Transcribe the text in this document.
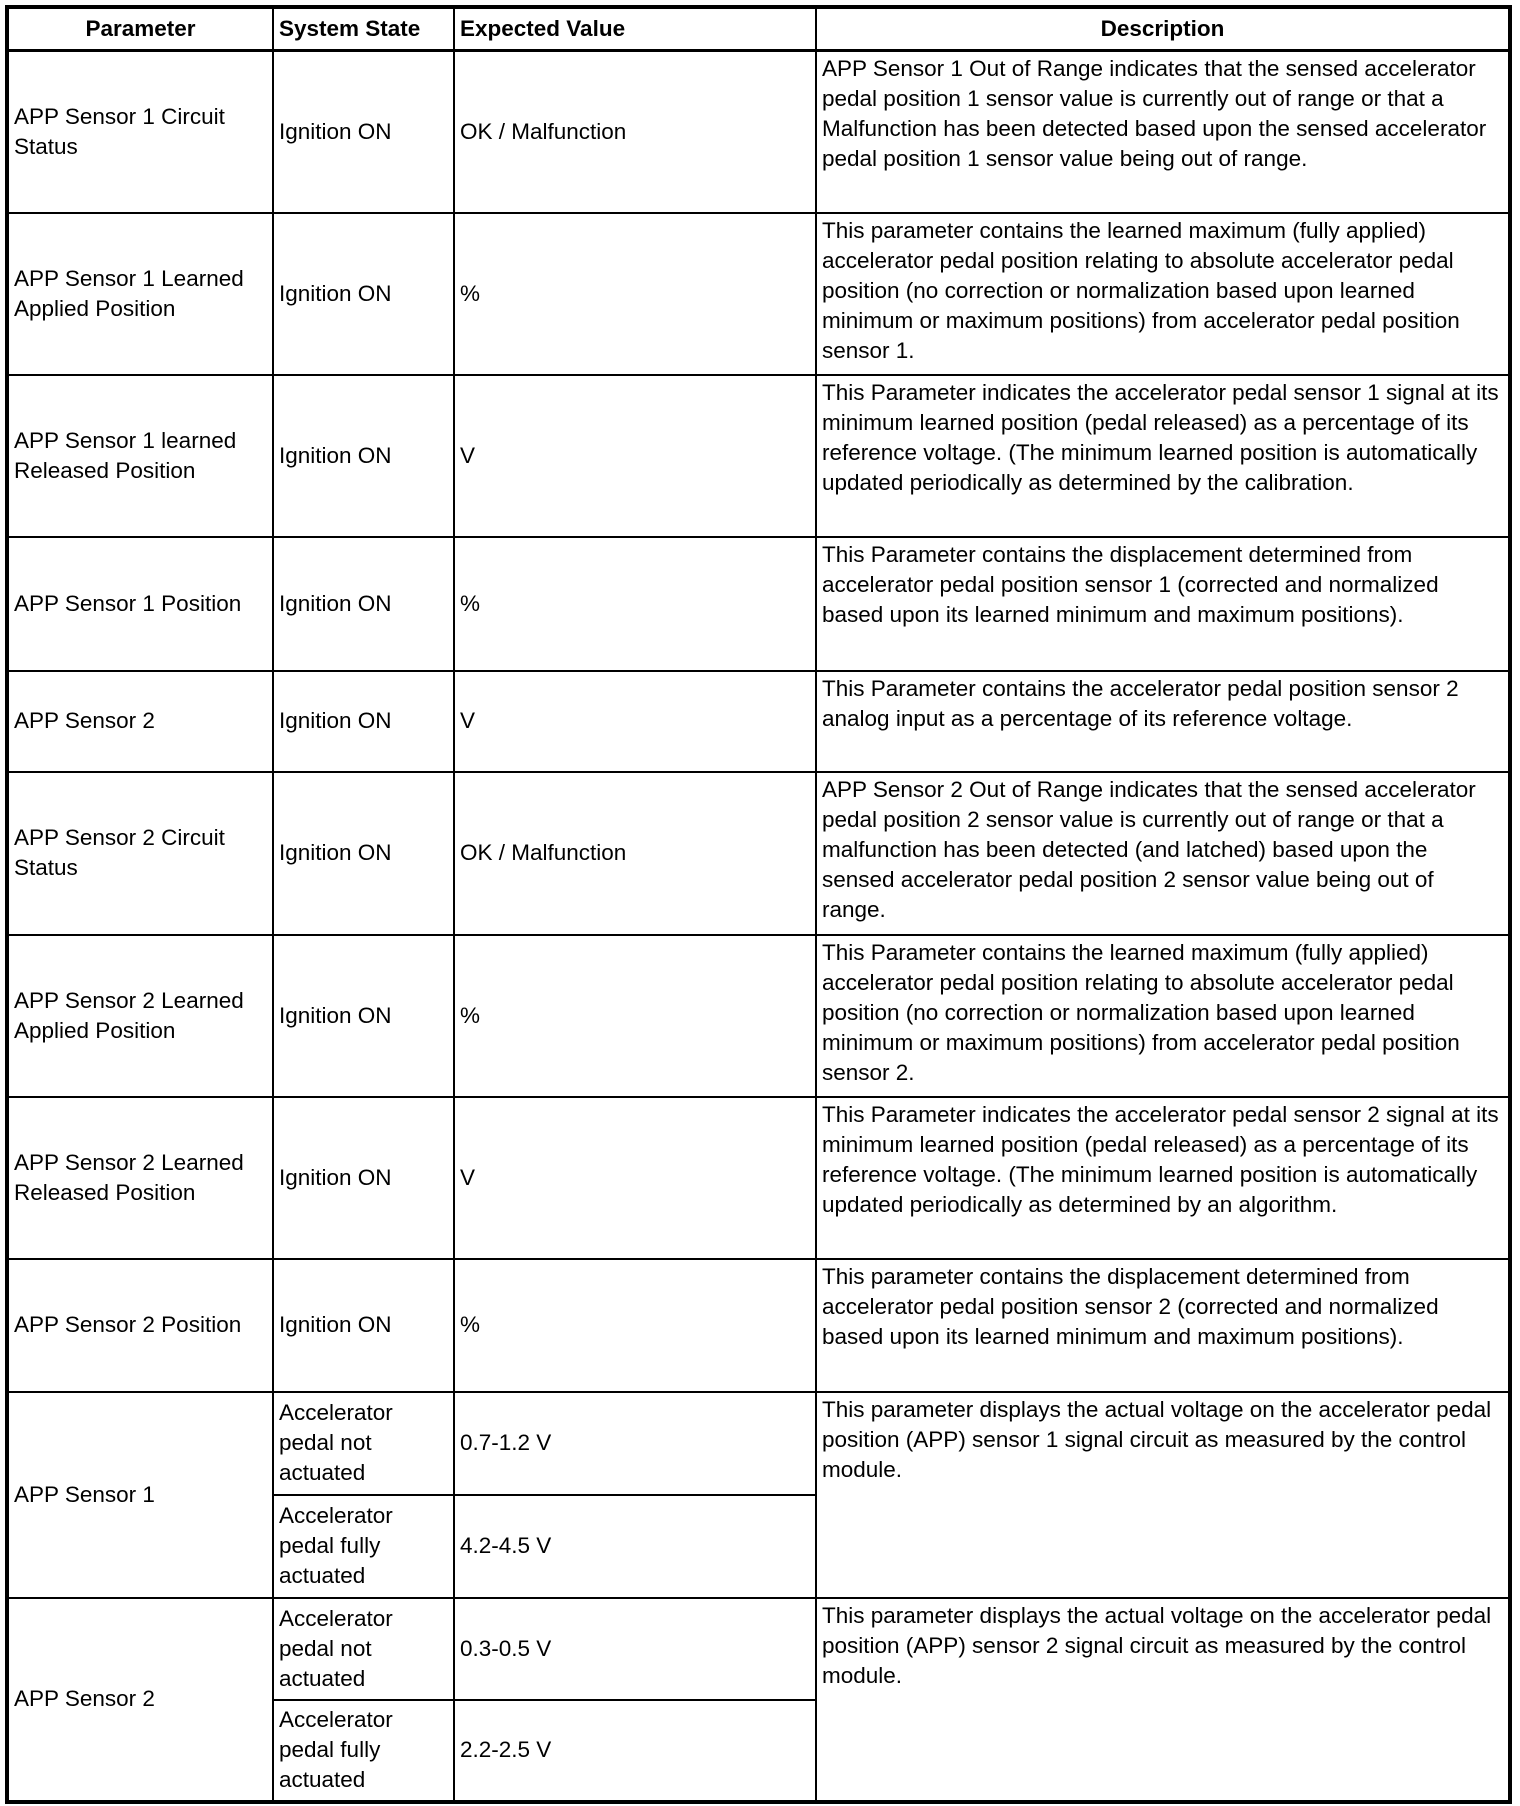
Parameter	System State	Expected Value	Description
APP Sensor 1 Circuit Status	Ignition ON	OK / Malfunction	APP Sensor 1 Out of Range indicates that the sensed accelerator pedal position 1 sensor value is currently out of range or that a Malfunction has been detected based upon the sensed accelerator pedal position 1 sensor value being out of range.
APP Sensor 1 Learned Applied Position	Ignition ON	%	This parameter contains the learned maximum (fully applied) accelerator pedal position relating to absolute accelerator pedal position (no correction or normalization based upon learned minimum or maximum positions) from accelerator pedal position sensor 1.
APP Sensor 1 learned Released Position	Ignition ON	V	This Parameter indicates the accelerator pedal sensor 1 signal at its minimum learned position (pedal released) as a percentage of its reference voltage. (The minimum learned position is automatically updated periodically as determined by the calibration.
APP Sensor 1 Position	Ignition ON	%	This Parameter contains the displacement determined from accelerator pedal position sensor 1 (corrected and normalized based upon its learned minimum and maximum positions).
APP Sensor 2	Ignition ON	V	This Parameter contains the accelerator pedal position sensor 2 analog input as a percentage of its reference voltage.
APP Sensor 2 Circuit Status	Ignition ON	OK / Malfunction	APP Sensor 2 Out of Range indicates that the sensed accelerator pedal position 2 sensor value is currently out of range or that a malfunction has been detected (and latched) based upon the sensed accelerator pedal position 2 sensor value being out of range.
APP Sensor 2 Learned Applied Position	Ignition ON	%	This Parameter contains the learned maximum (fully applied) accelerator pedal position relating to absolute accelerator pedal position (no correction or normalization based upon learned minimum or maximum positions) from accelerator pedal position sensor 2.
APP Sensor 2 Learned Released Position	Ignition ON	V	This Parameter indicates the accelerator pedal sensor 2 signal at its minimum learned position (pedal released) as a percentage of its reference voltage. (The minimum learned position is automatically updated periodically as determined by an algorithm.
APP Sensor 2 Position	Ignition ON	%	This parameter contains the displacement determined from accelerator pedal position sensor 2 (corrected and normalized based upon its learned minimum and maximum positions).
APP Sensor 1	Accelerator pedal not actuated	0.7-1.2 V	This parameter displays the actual voltage on the accelerator pedal position (APP) sensor 1 signal circuit as measured by the control module.
	Accelerator pedal fully actuated	4.2-4.5 V	
APP Sensor 2	Accelerator pedal not actuated	0.3-0.5 V	This parameter displays the actual voltage on the accelerator pedal position (APP) sensor 2 signal circuit as measured by the control module.
	Accelerator pedal fully actuated	2.2-2.5 V	
